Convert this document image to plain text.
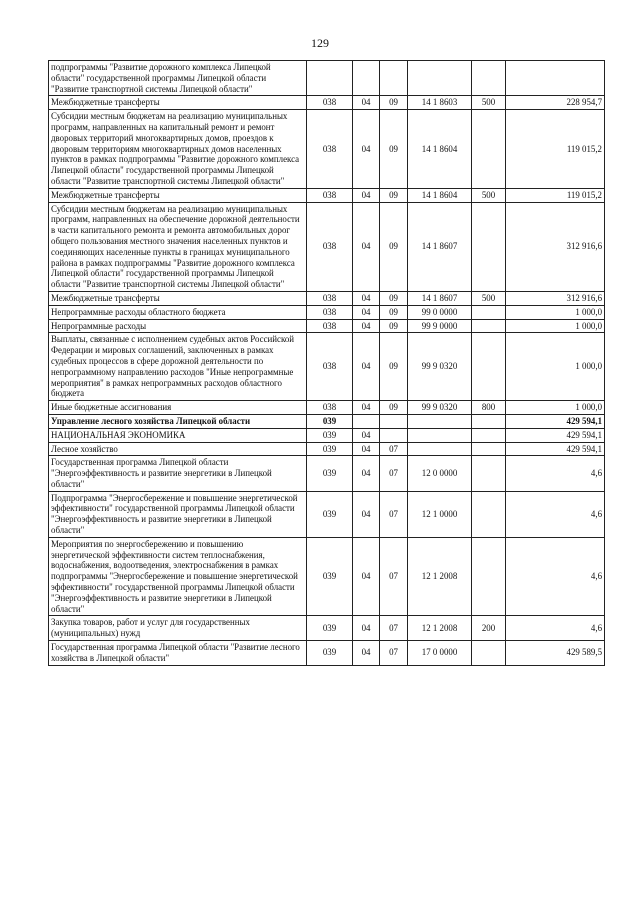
129
подпрограммы "Развитие дорожного комплекса Липецкой области" государственной программы Липецкой области "Развитие транспортной системы Липецкой области"						
Межбюджетные трансферты	038	04	09	14 1 8603	500	228 954,7
Субсидии местным бюджетам на реализацию муниципальных программ, направленных на капитальный ремонт и ремонт дворовых территорий многоквартирных домов, проездов к дворовым территориям многоквартирных домов населенных пунктов в рамках подпрограммы "Развитие дорожного комплекса Липецкой области" государственной программы Липецкой области "Развитие транспортной системы Липецкой области"	038	04	09	14 1 8604		119 015,2
Межбюджетные трансферты	038	04	09	14 1 8604	500	119 015,2
Субсидии местным бюджетам на реализацию муниципальных программ, направленных на обеспечение дорожной деятельности в части капитального ремонта и ремонта автомобильных дорог общего пользования местного значения населенных пунктов и соединяющих населенные пункты в границах муниципального района в рамках подпрограммы "Развитие дорожного комплекса Липецкой области" государственной программы Липецкой области "Развитие транспортной системы Липецкой области"	038	04	09	14 1 8607		312 916,6
Межбюджетные трансферты	038	04	09	14 1 8607	500	312 916,6
Непрограммные расходы областного бюджета	038	04	09	99 0 0000		1 000,0
Непрограммные расходы	038	04	09	99 9 0000		1 000,0
Выплаты, связанные с исполнением судебных актов Российской Федерации и мировых соглашений, заключенных в рамках судебных процессов в сфере дорожной деятельности по непрограммному направлению расходов "Иные непрограммные мероприятия" в рамках непрограммных расходов областного бюджета	038	04	09	99 9 0320		1 000,0
Иные бюджетные ассигнования	038	04	09	99 9 0320	800	1 000,0
Управление лесного хозяйства Липецкой области	039					429 594,1
НАЦИОНАЛЬНАЯ ЭКОНОМИКА	039	04				429 594,1
Лесное хозяйство	039	04	07			429 594,1
Государственная программа Липецкой области "Энергоэффективность и развитие энергетики в Липецкой области"	039	04	07	12 0 0000		4,6
Подпрограмма "Энергосбережение и повышение энергетической эффективности" государственной программы Липецкой области "Энергоэффективность и развитие энергетики в Липецкой области"	039	04	07	12 1 0000		4,6
Мероприятия по энергосбережению и повышению энергетической эффективности систем теплоснабжения, водоснабжения, водоотведения, электроснабжения в рамках подпрограммы "Энергосбережение и повышение энергетической эффективности" государственной программы Липецкой области "Энергоэффективность и развитие энергетики в Липецкой области"	039	04	07	12 1 2008		4,6
Закупка товаров, работ и услуг для государственных (муниципальных) нужд	039	04	07	12 1 2008	200	4,6
Государственная программа Липецкой области "Развитие лесного хозяйства в Липецкой области"	039	04	07	17 0 0000		429 589,5
